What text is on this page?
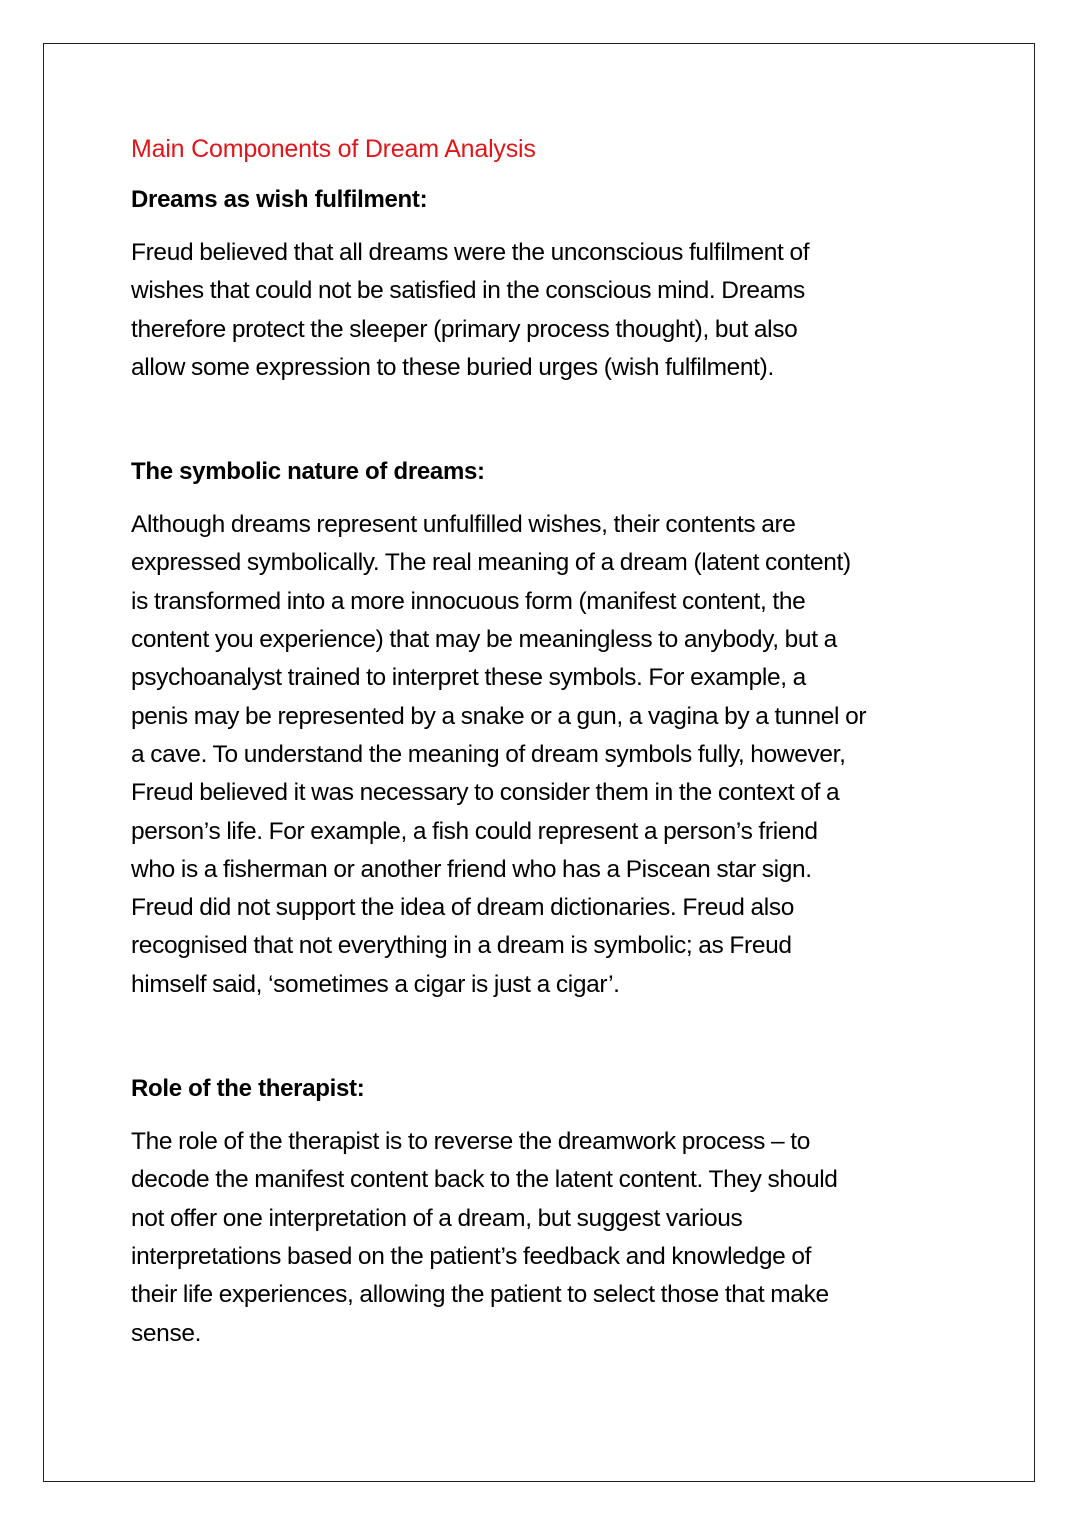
Main Components of Dream Analysis
Dreams as wish fulfilment:

Freud believed that all dreams were the unconscious fulfilment of
wishes that could not be satisfied in the conscious mind. Dreams
therefore protect the sleeper (primary process thought), but also
allow some expression to these buried urges (wish fulfilment).

The symbolic nature of dreams:

Although dreams represent unfulfilled wishes, their contents are
expressed symbolically. The real meaning of a dream (latent content)
is transformed into a more innocuous form (manifest content, the
content you experience) that may be meaningless to anybody, but a
psychoanalyst trained to interpret these symbols. For example, a
penis may be represented by a snake or a gun, a vagina by a tunnel or
a cave. To understand the meaning of dream symbols fully, however,
Freud believed it was necessary to consider them in the context of a
person’s life. For example, a fish could represent a person’s friend
who is a fisherman or another friend who has a Piscean star sign.
Freud did not support the idea of dream dictionaries. Freud also
recognised that not everything in a dream is symbolic; as Freud
himself said, ‘sometimes a cigar is just a cigar’.

Role of the therapist:

The role of the therapist is to reverse the dreamwork process – to
decode the manifest content back to the latent content. They should
not offer one interpretation of a dream, but suggest various
interpretations based on the patient’s feedback and knowledge of
their life experiences, allowing the patient to select those that make
sense.
